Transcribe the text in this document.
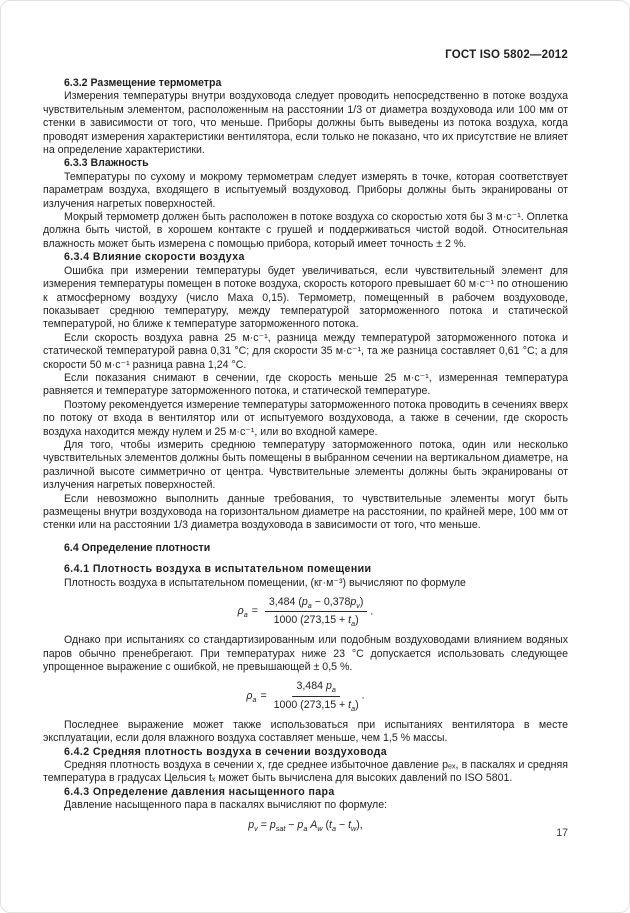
ГОСТ ISO 5802—2012

6.3.2 Размещение термометра

Измерения температуры внутри воздуховода следует проводить непосредственно в потоке воздуха чувствительным элементом, расположенным на расстоянии 1/3 от диаметра воздуховода или 100 мм от стенки в зависимости от того, что меньше. Приборы должны быть выведены из потока воздуха, когда проводят измерения характеристики вентилятора, если только не показано, что их присутствие не влияет на определение характеристики.

6.3.3 Влажность

Температуры по сухому и мокрому термометрам следует измерять в точке, которая соответствует параметрам воздуха, входящего в испытуемый воздуховод. Приборы должны быть экранированы от излучения нагретых поверхностей.

Мокрый термометр должен быть расположен в потоке воздуха со скоростью хотя бы 3 м·с⁻¹. Оплетка должна быть чистой, в хорошем контакте с грушей и поддерживаться чистой водой. Относительная влажность может быть измерена с помощью прибора, который имеет точность ± 2 %.

6.3.4 Влияние скорости воздуха

Ошибка при измерении температуры будет увеличиваться, если чувствительный элемент для измерения температуры помещен в потоке воздуха, скорость которого превышает 60 м·с⁻¹ по отношению к атмосферному воздуху (число Маха 0,15). Термометр, помещенный в рабочем воздуховоде, показывает среднюю температуру, между температурой заторможенного потока и статической температурой, но ближе к температуре заторможенного потока.

Если скорость воздуха равна 25 м·с⁻¹, разница между температурой заторможенного потока и статической температурой равна 0,31 °С; для скорости 35 м·с⁻¹, та же разница составляет 0,61 °С; а для скорости 50 м·с⁻¹ разница равна 1,24 °С.

Если показания снимают в сечении, где скорость меньше 25 м·с⁻¹, измеренная температура равняется и температуре заторможенного потока, и статической температуре.

Поэтому рекомендуется измерение температуры заторможенного потока проводить в сечениях вверх по потоку от входа в вентилятор или от испытуемого воздуховода, а также в сечении, где скорость воздуха находится между нулем и 25 м·с⁻¹, или во входной камере.

Для того, чтобы измерить среднюю температуру заторможенного потока, один или несколько чувствительных элементов должны быть помещены в выбранном сечении на вертикальном диаметре, на различной высоте симметрично от центра. Чувствительные элементы должны быть экранированы от излучения нагретых поверхностей.

Если невозможно выполнить данные требования, то чувствительные элементы могут быть размещены внутри воздуховода на горизонтальном диаметре на расстоянии, по крайней мере, 100 мм от стенки или на расстоянии 1/3 диаметра воздуховода в зависимости от того, что меньше.

6.4 Определение плотности

6.4.1 Плотность воздуха в испытательном помещении

Плотность воздуха в испытательном помещении, (кг·м⁻³) вычисляют по формуле

$\rho_a = \frac{3,484 (p_a - 0,378p_v)}{1000 (273,15 + t_a)}$ .

Однако при испытаниях со стандартизированным или подобным воздуховодами влиянием водяных паров обычно пренебрегают. При температурах ниже 23 °С допускается использовать следующее упрощенное выражение с ошибкой, не превышающей ± 0,5 %.

$\rho_a = \frac{3,484 p_a}{1000 (273,15 + t_a)}$ .

Последнее выражение может также использоваться при испытаниях вентилятора в месте эксплуатации, если доля влажного воздуха составляет меньше, чем 1,5 % массы.

6.4.2 Средняя плотность воздуха в сечении воздуховода

Средняя плотность воздуха в сечении x, где среднее избыточное давление pₑₓ, в паскалях и средняя температура в градусах Цельсия tₓ может быть вычислена для высоких давлений по ISO 5801.

6.4.3 Определение давления насыщенного пара

Давление насыщенного пара в паскалях вычисляют по формуле:

$p_v = p_{sat} - p_a$ $A_w$ $(t_a - t_w)$,
17
